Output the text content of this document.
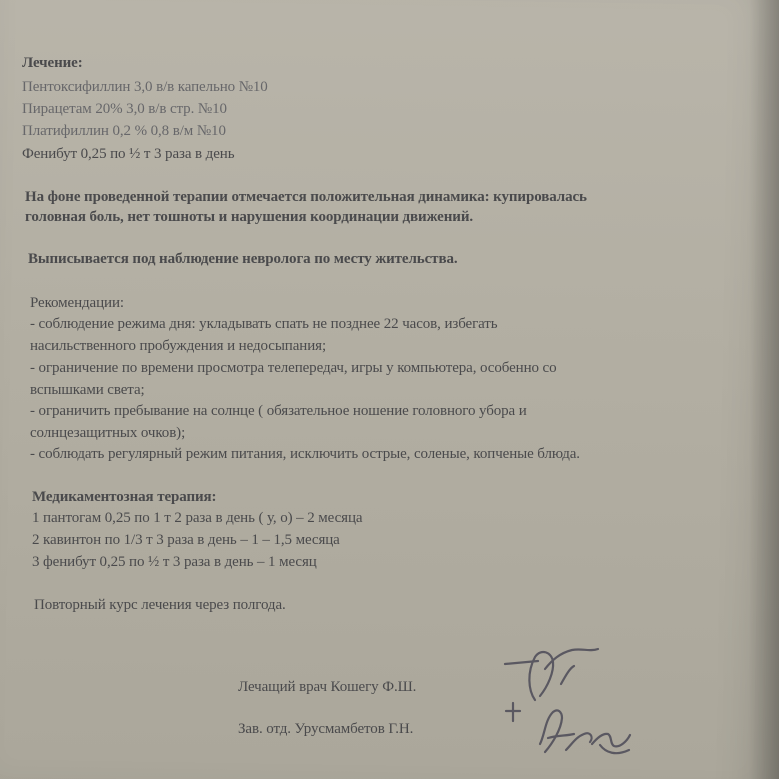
Лечение:
Пентоксифиллин 3,0 в/в капельно №10
Пирацетам 20% 3,0 в/в стр. №10
Платифиллин 0,2 % 0,8 в/м №10
Фенибут 0,25 по ½ т 3 раза в день
На фоне проведенной терапии отмечается положительная динамика: купировалась
головная боль, нет тошноты и нарушения координации движений.
Выписывается под наблюдение невролога по месту жительства.
Рекомендации:
- соблюдение режима дня: укладывать спать не позднее 22 часов, избегать
насильственного пробуждения и недосыпания;
- ограничение по времени просмотра телепередач, игры у компьютера, особенно со
вспышками света;
- ограничить пребывание на солнце ( обязательное ношение головного убора и
солнцезащитных очков);
- соблюдать регулярный режим питания, исключить острые, соленые, копченые блюда.
Медикаментозная терапия:
1 пантогам 0,25 по 1 т 2 раза в день ( у, о) – 2 месяца
2 кавинтон по 1/3 т 3 раза в день – 1 – 1,5 месяца
3 фенибут 0,25 по ½ т 3 раза в день – 1 месяц
Повторный курс лечения через полгода.
Лечащий врач Кошегу Ф.Ш.
Зав. отд. Урусмамбетов Г.Н.
